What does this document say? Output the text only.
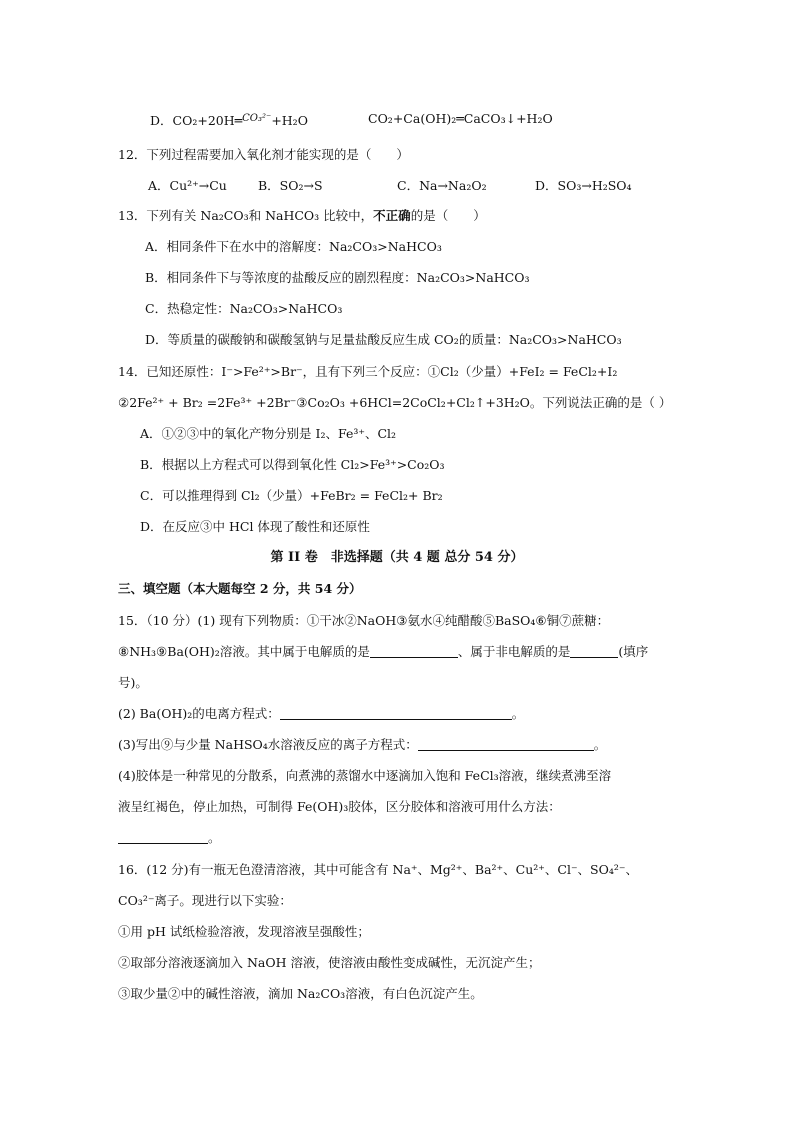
D．CO₂+20H═$^{CO_3^{2-}}$+H₂O	CO₂+Ca(OH)₂═CaCO₃↓+H₂O
12．下列过程需要加入氧化剂才能实现的是（　　）
A．Cu²⁺→Cu B．SO₂→S	C．Na→Na₂O₂	D．SO₃→H₂SO₄
13．下列有关 Na₂CO₃和 NaHCO₃ 比较中，不正确的是（　　）
A．相同条件下在水中的溶解度：Na₂CO₃>NaHCO₃
B．相同条件下与等浓度的盐酸反应的剧烈程度：Na₂CO₃>NaHCO₃
C．热稳定性：Na₂CO₃>NaHCO₃
D．等质量的碳酸钠和碳酸氢钠与足量盐酸反应生成 CO₂的质量：Na₂CO₃>NaHCO₃
14．已知还原性：I⁻>Fe²⁺>Br⁻，且有下列三个反应：①Cl₂（少量）+FeI₂ = FeCl₂+I₂
②2Fe²⁺ + Br₂ =2Fe³⁺ +2Br⁻③Co₂O₃ +6HCl=2CoCl₂+Cl₂↑+3H₂O。下列说法正确的是（ ）
A．①②③中的氧化产物分别是 I₂、Fe³⁺、Cl₂
B．根据以上方程式可以得到氧化性 Cl₂>Fe³⁺>Co₂O₃
C．可以推理得到 Cl₂（少量）+FeBr₂ = FeCl₂+ Br₂
D．在反应③中 HCl 体现了酸性和还原性
第 II 卷　非选择题（共 4 题 总分 54 分）
三、填空题（本大题每空 2 分，共 54 分）
15．（10 分）(1) 现有下列物质：①干冰②NaOH③氨水④纯醋酸⑤BaSO₄⑥铜⑦蔗糖：
⑧NH₃⑨Ba(OH)₂溶液。其中属于电解质的是	、属于非电解质的是	(填序
号)。
(2) Ba(OH)₂的电离方程式：	。
(3)写出⑨与少量 NaHSO₄水溶液反应的离子方程式：	。
(4)胶体是一种常见的分散系，向煮沸的蒸馏水中逐滴加入饱和 FeCl₃溶液，继续煮沸至溶
液呈红褐色，停止加热，可制得 Fe(OH)₃胶体，区分胶体和溶液可用什么方法：
。
16．(12 分)有一瓶无色澄清溶液，其中可能含有 Na⁺、Mg²⁺、Ba²⁺、Cu²⁺、Cl⁻、SO₄²⁻、
CO₃²⁻离子。现进行以下实验：
①用 pH 试纸检验溶液，发现溶液呈强酸性；
②取部分溶液逐滴加入 NaOH 溶液，使溶液由酸性变成碱性，无沉淀产生；
③取少量②中的碱性溶液，滴加 Na₂CO₃溶液，有白色沉淀产生。
